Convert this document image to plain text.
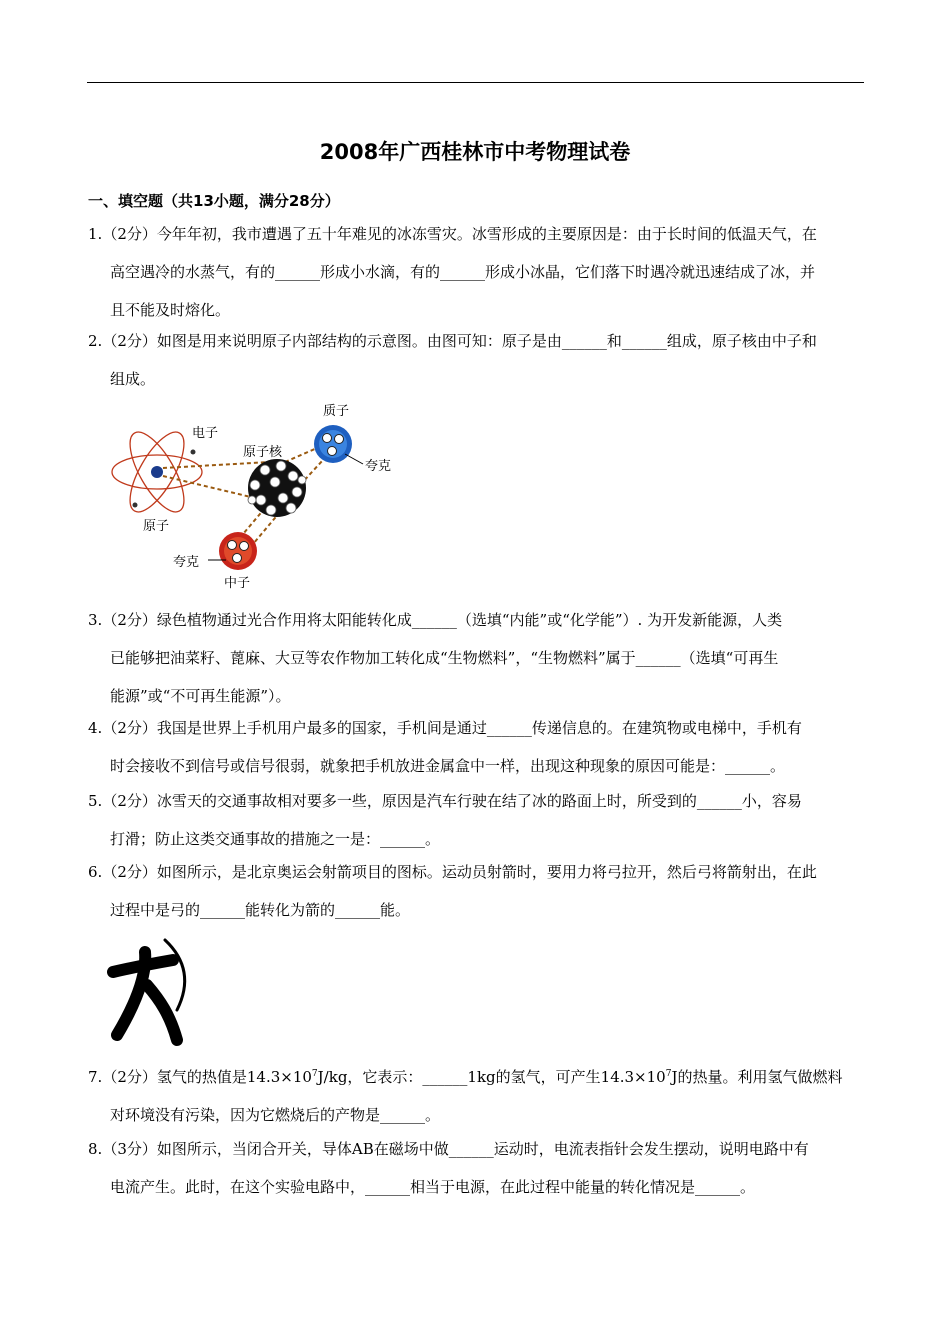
2008年广西桂林市中考物理试卷
一、填空题（共13小题，满分28分）
1.（2分）今年年初，我市遭遇了五十年难见的冰冻雪灾。冰雪形成的主要原因是：由于长时间的低温天气，在
高空遇冷的水蒸气，有的______形成小水滴，有的______形成小冰晶，它们落下时遇冷就迅速结成了冰，并
且不能及时熔化。
2.（2分）如图是用来说明原子内部结构的示意图。由图可知：原子是由______和______组成，原子核由中子和
组成。
电子
原子核
质子
夸克
原子
夸克
中子
3.（2分）绿色植物通过光合作用将太阳能转化成______（选填“内能”或“化学能”）. 为开发新能源，人类
已能够把油菜籽、蓖麻、大豆等农作物加工转化成“生物燃料”，“生物燃料”属于______（选填“可再生
能源”或“不可再生能源”）。
4.（2分）我国是世界上手机用户最多的国家，手机间是通过______传递信息的。在建筑物或电梯中，手机有
时会接收不到信号或信号很弱，就象把手机放进金属盒中一样，出现这种现象的原因可能是：______。
5.（2分）冰雪天的交通事故相对要多一些，原因是汽车行驶在结了冰的路面上时，所受到的______小，容易
打滑；防止这类交通事故的措施之一是：______。
6.（2分）如图所示，是北京奥运会射箭项目的图标。运动员射箭时，要用力将弓拉开，然后弓将箭射出，在此
过程中是弓的______能转化为箭的______能。
7.（2分）氢气的热值是$14.3\times 10^7J/kg$，它表示：______1kg的氢气，可产生$14.3\times 10^7J$的热量。利用氢气做燃料
对环境没有污染，因为它燃烧后的产物是______。
8.（3分）如图所示，当闭合开关，导体AB在磁场中做______运动时，电流表指针会发生摆动，说明电路中有
电流产生。此时，在这个实验电路中，______相当于电源，在此过程中能量的转化情况是______。
